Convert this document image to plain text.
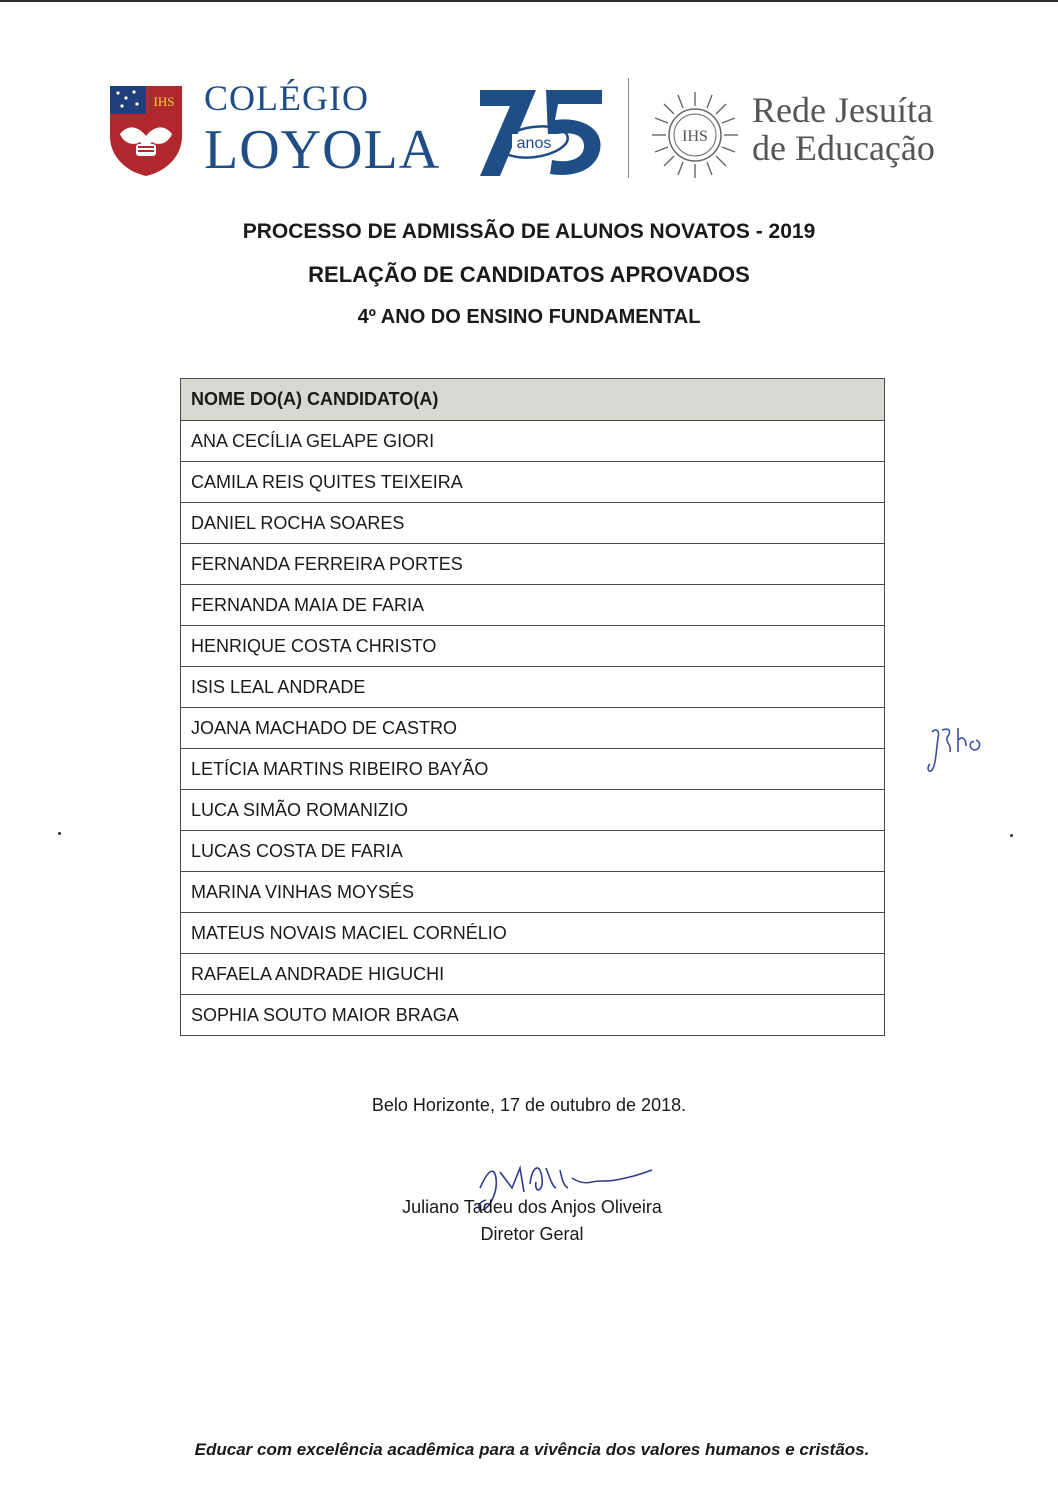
IHS COLÉGIO
LOYOLA	anos	IHS
Rede Jesuíta
de Educação
PROCESSO DE ADMISSÃO DE ALUNOS NOVATOS - 2019
RELAÇÃO DE CANDIDATOS APROVADOS
4º ANO DO ENSINO FUNDAMENTAL
NOME DO(A) CANDIDATO(A)
ANA CECÍLIA GELAPE GIORI
CAMILA REIS QUITES TEIXEIRA
DANIEL ROCHA SOARES
FERNANDA FERREIRA PORTES
FERNANDA MAIA DE FARIA
HENRIQUE COSTA CHRISTO
ISIS LEAL ANDRADE
JOANA MACHADO DE CASTRO
LETÍCIA MARTINS RIBEIRO BAYÃO
LUCA SIMÃO ROMANIZIO
LUCAS COSTA DE FARIA
MARINA VINHAS MOYSÉS
MATEUS NOVAIS MACIEL CORNÉLIO
RAFAELA ANDRADE HIGUCHI
SOPHIA SOUTO MAIOR BRAGA
Belo Horizonte, 17 de outubro de 2018.
Juliano Tadeu dos Anjos Oliveira
Diretor Geral
Educar com excelência acadêmica para a vivência dos valores humanos e cristãos.
